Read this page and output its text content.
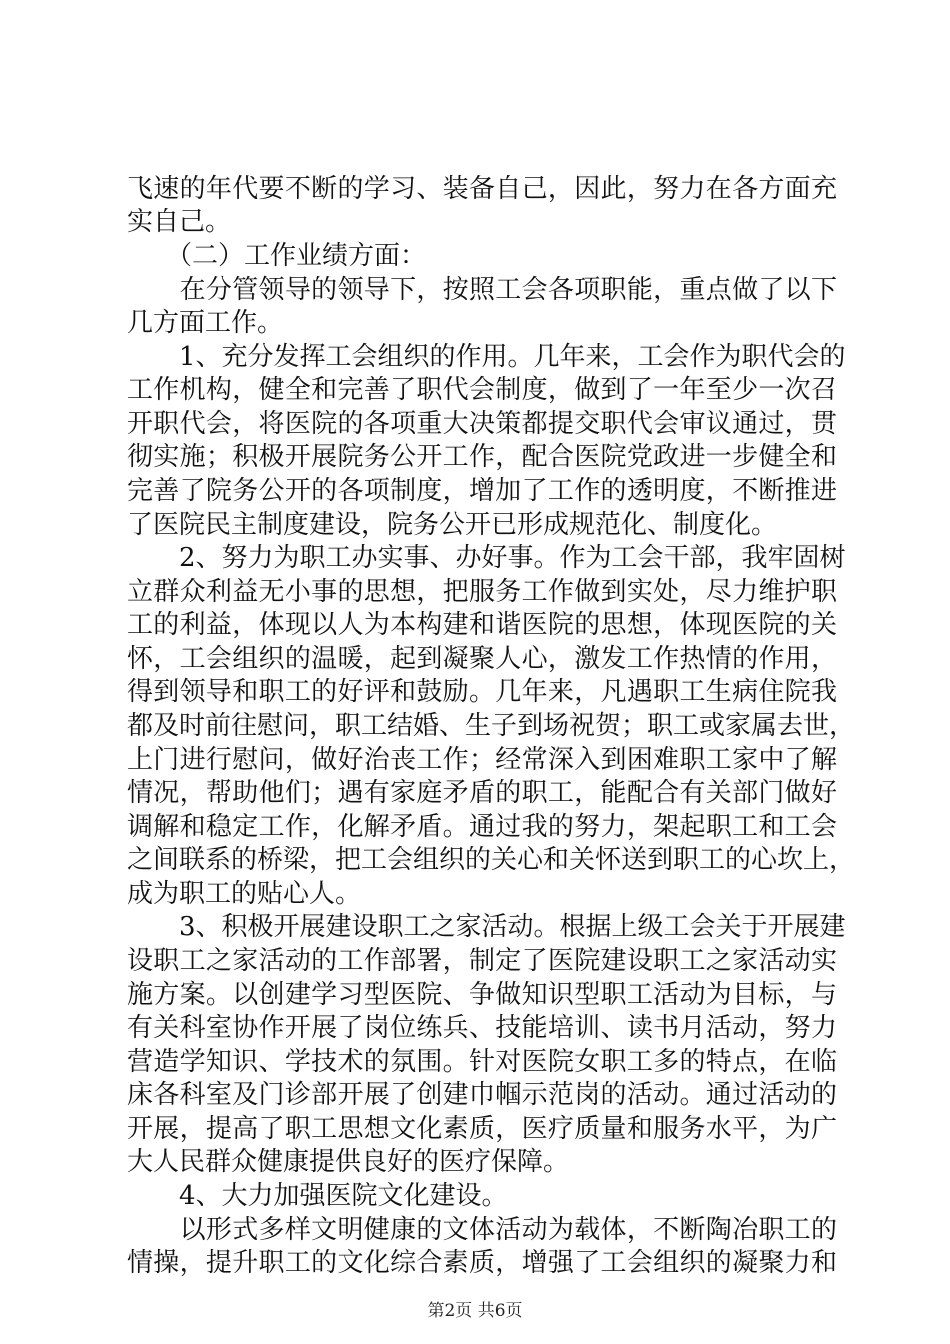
飞速的年代要不断的学习、装备自己，因此，努力在各方面充
实自己。
　　（二）工作业绩方面：
　　在分管领导的领导下，按照工会各项职能，重点做了以下
几方面工作。
　　1、充分发挥工会组织的作用。几年来，工会作为职代会的
工作机构，健全和完善了职代会制度，做到了一年至少一次召
开职代会，将医院的各项重大决策都提交职代会审议通过，贯
彻实施；积极开展院务公开工作，配合医院党政进一步健全和
完善了院务公开的各项制度，增加了工作的透明度，不断推进
了医院民主制度建设，院务公开已形成规范化、制度化。
　　2、努力为职工办实事、办好事。作为工会干部，我牢固树
立群众利益无小事的思想，把服务工作做到实处，尽力维护职
工的利益，体现以人为本构建和谐医院的思想，体现医院的关
怀，工会组织的温暖，起到凝聚人心，激发工作热情的作用，
得到领导和职工的好评和鼓励。几年来，凡遇职工生病住院我
都及时前往慰问，职工结婚、生子到场祝贺；职工或家属去世，
上门进行慰问，做好治丧工作；经常深入到困难职工家中了解
情况，帮助他们；遇有家庭矛盾的职工，能配合有关部门做好
调解和稳定工作，化解矛盾。通过我的努力，架起职工和工会
之间联系的桥梁，把工会组织的关心和关怀送到职工的心坎上，
成为职工的贴心人。
　　3、积极开展建设职工之家活动。根据上级工会关于开展建
设职工之家活动的工作部署，制定了医院建设职工之家活动实
施方案。以创建学习型医院、争做知识型职工活动为目标，与
有关科室协作开展了岗位练兵、技能培训、读书月活动，努力
营造学知识、学技术的氛围。针对医院女职工多的特点，在临
床各科室及门诊部开展了创建巾帼示范岗的活动。通过活动的
开展，提高了职工思想文化素质，医疗质量和服务水平，为广
大人民群众健康提供良好的医疗保障。
　　4、大力加强医院文化建设。
　　以形式多样文明健康的文体活动为载体，不断陶冶职工的
情操，提升职工的文化综合素质，增强了工会组织的凝聚力和
第2页 共6页
